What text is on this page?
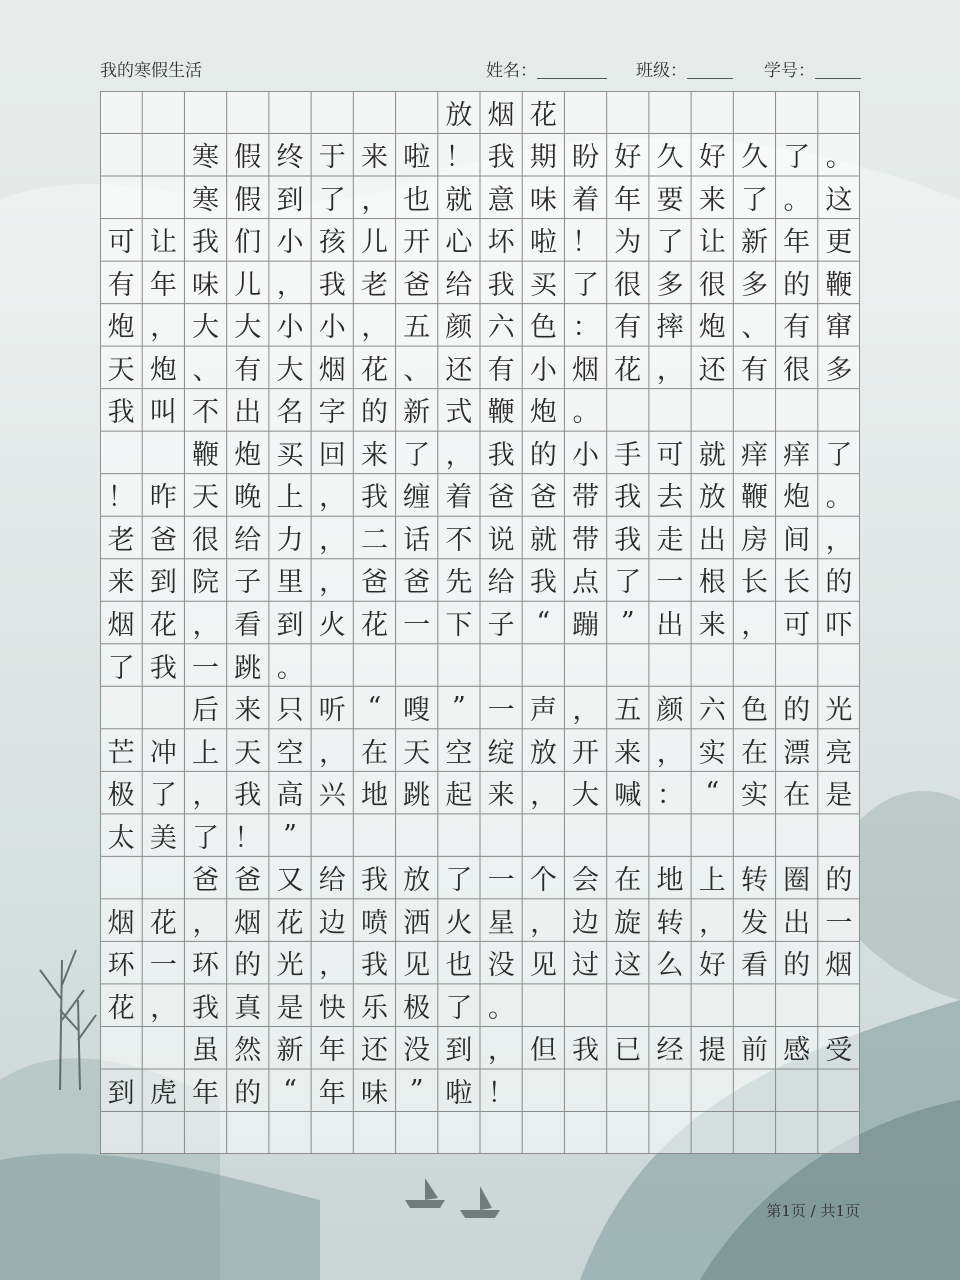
我的寒假生活	姓名：	班级：	学号：
放 烟 花
寒 假 终 于 来 啦 ！ 我 期 盼 好 久 好 久 了 。
寒 假 到 了 ， 也 就 意 味 着 年 要 来 了 。 这
可 让 我 们 小 孩 儿 开 心 坏 啦 ！ 为 了 让 新 年 更
有 年 味 儿 ， 我 老 爸 给 我 买 了 很 多 很 多 的 鞭
炮 ， 大 大 小 小 ， 五 颜 六 色 ： 有 摔 炮 、 有 窜
天 炮 、 有 大 烟 花 、 还 有 小 烟 花 ， 还 有 很 多
我 叫 不 出 名 字 的 新 式 鞭 炮 。
鞭 炮 买 回 来 了 ， 我 的 小 手 可 就 痒 痒 了
！ 昨 天 晚 上 ， 我 缠 着 爸 爸 带 我 去 放 鞭 炮 。
老 爸 很 给 力 ， 二 话 不 说 就 带 我 走 出 房 间 ，
来 到 院 子 里 ， 爸 爸 先 给 我 点 了 一 根 长 长 的
烟 花 ， 看 到 火 花 一 下 子 “ 蹦 ” 出 来 ， 可 吓
了 我 一 跳 。
后 来 只 听 “ 嗖 ” 一 声 ， 五 颜 六 色 的 光
芒 冲 上 天 空 ， 在 天 空 绽 放 开 来 ， 实 在 漂 亮
极 了 ， 我 高 兴 地 跳 起 来 ， 大 喊 ： “ 实 在 是
太 美 了 ！ ”
爸 爸 又 给 我 放 了 一 个 会 在 地 上 转 圈 的
烟 花 ， 烟 花 边 喷 洒 火 星 ， 边 旋 转 ， 发 出 一
环 一 环 的 光 ， 我 见 也 没 见 过 这 么 好 看 的 烟
花 ， 我 真 是 快 乐 极 了 。
虽 然 新 年 还 没 到 ， 但 我 已 经 提 前 感 受
到 虎 年 的 “ 年 味 ” 啦 ！
第1页 / 共1页
